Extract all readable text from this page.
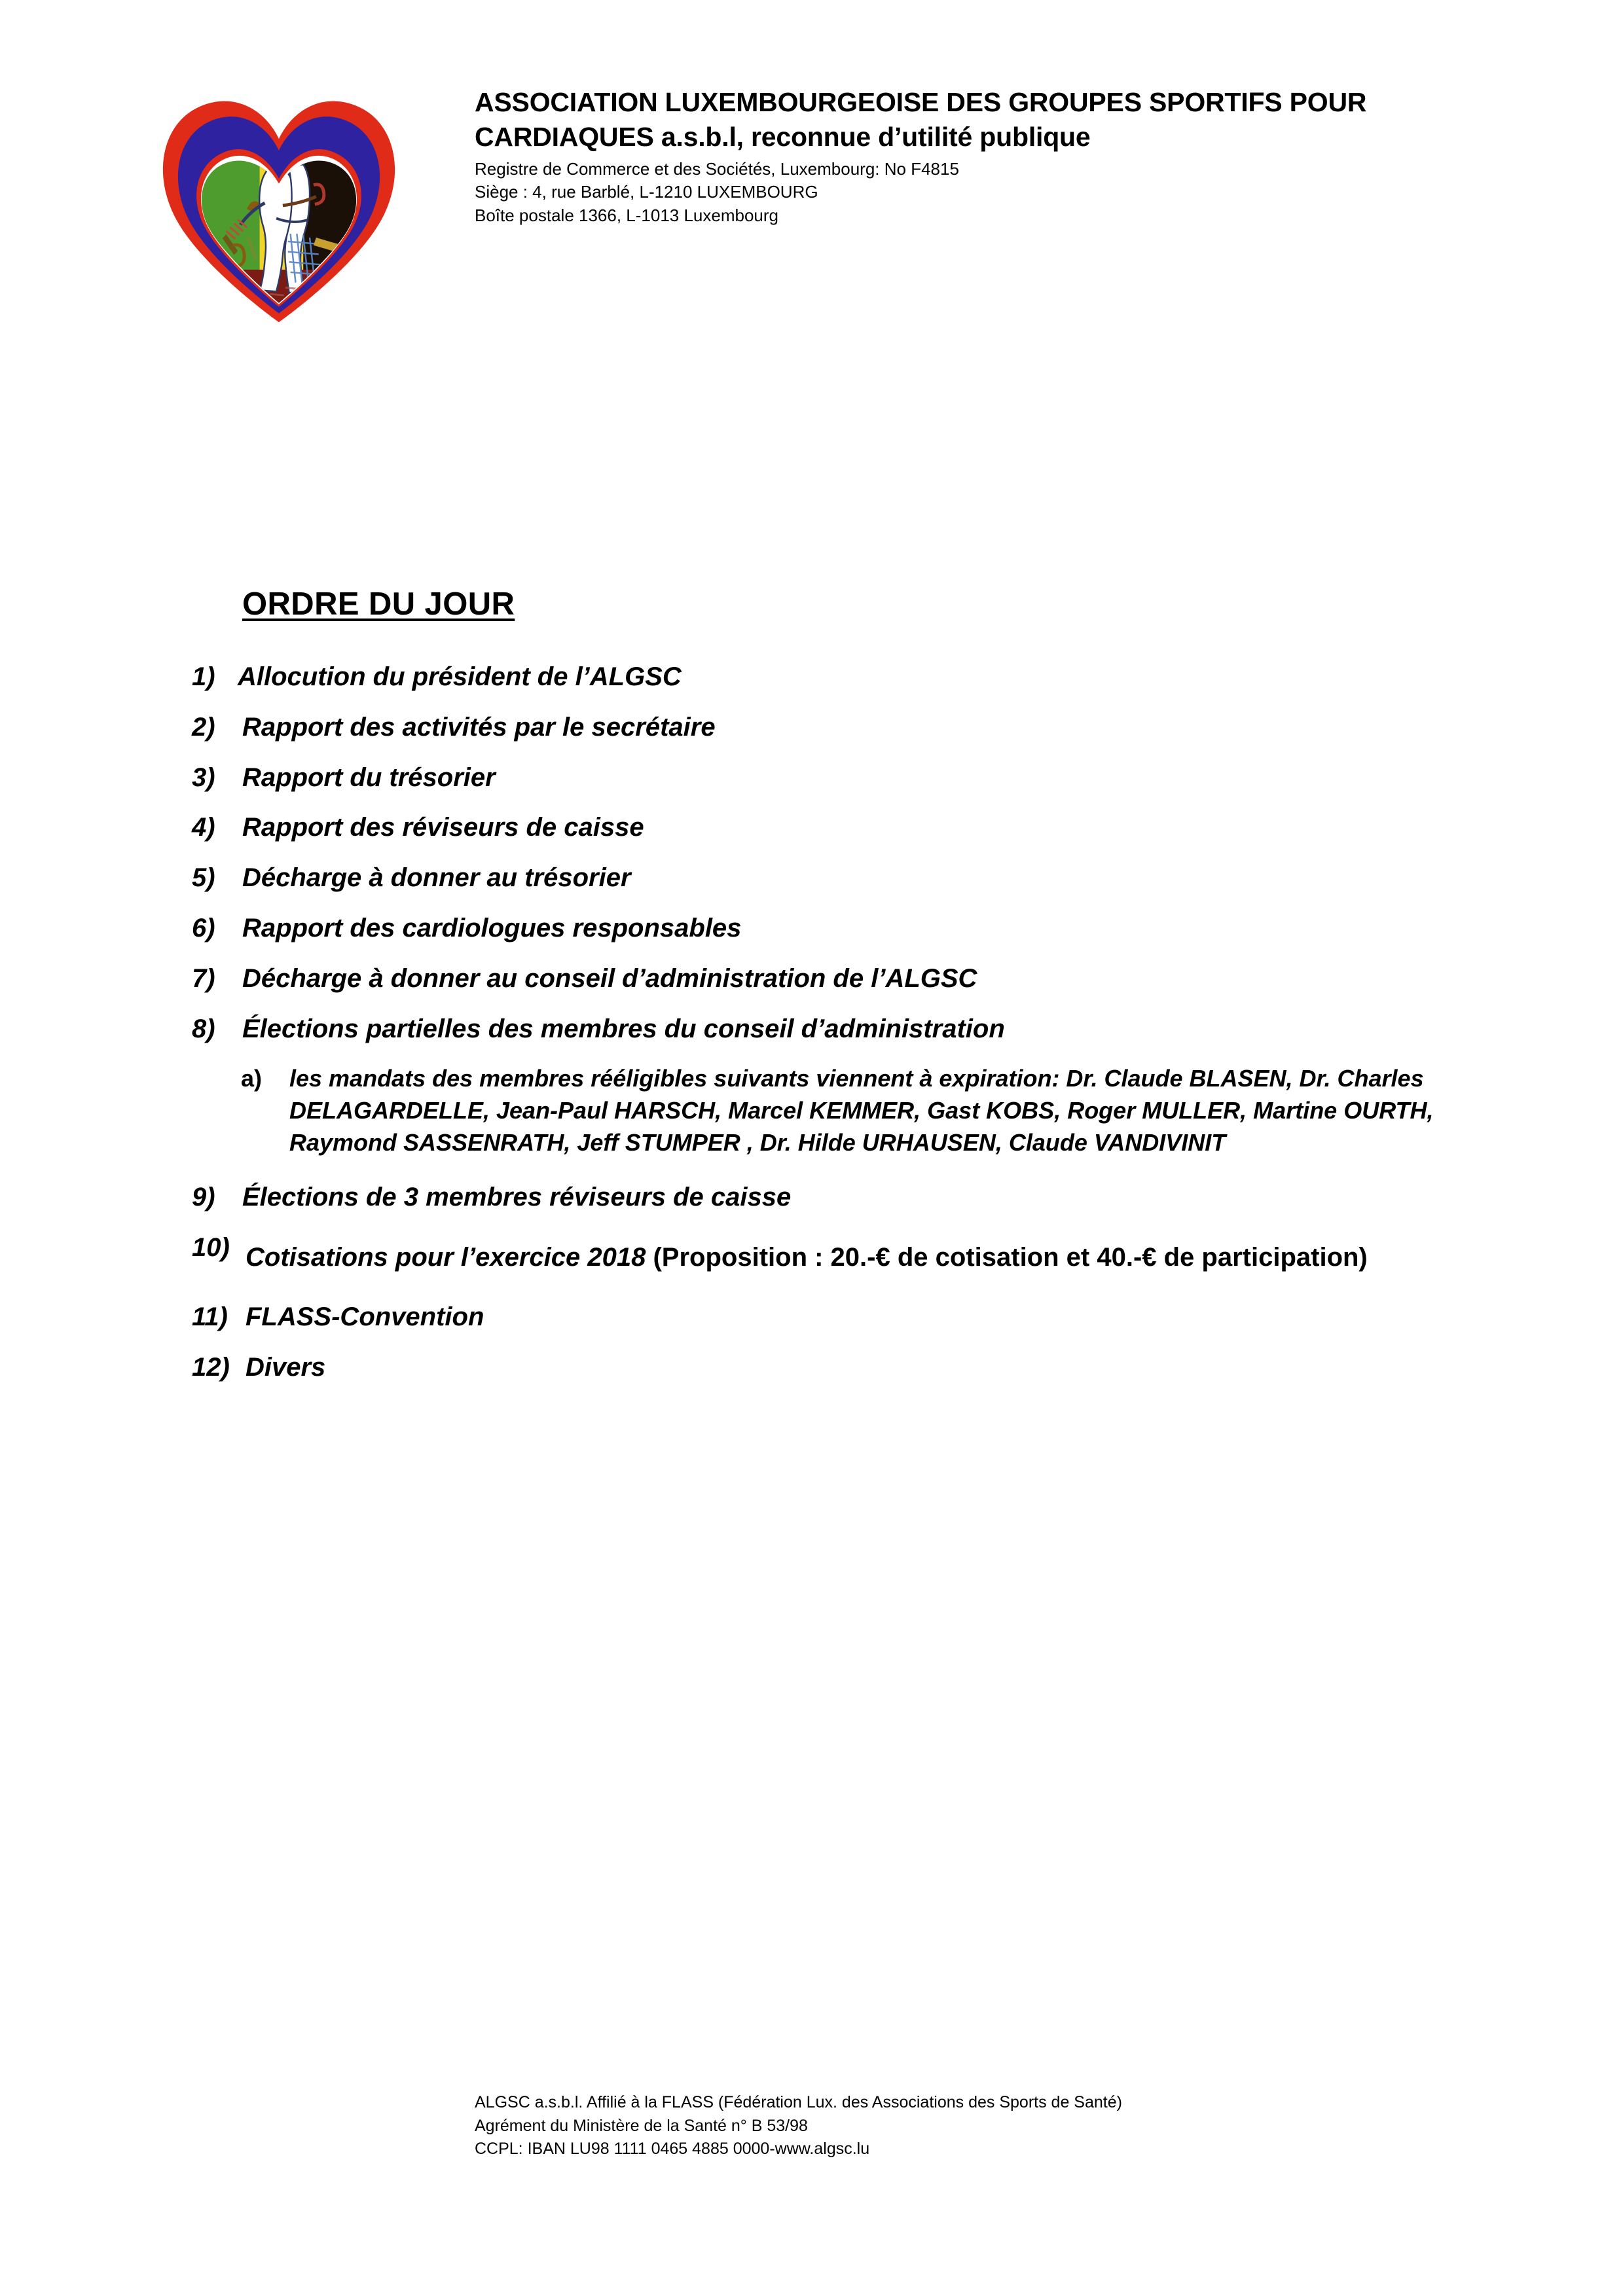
ASSOCIATION LUXEMBOURGEOISE DES GROUPES SPORTIFS POUR
CARDIAQUES a.s.b.l, reconnue d’utilité publique
Registre de Commerce et des Sociétés, Luxembourg: No F4815
Siège : 4, rue Barblé, L-1210 LUXEMBOURG
Boîte postale 1366, L-1013 Luxembourg
ORDRE DU JOUR
1) Allocution du président de l’ALGSC
2)	Rapport des activités par le secrétaire
3)	Rapport du trésorier
4)	Rapport des réviseurs de caisse
5)	Décharge à donner au trésorier
6)	Rapport des cardiologues responsables
7)	Décharge à donner au conseil d’administration de l’ALGSC
8)	Élections partielles des membres du conseil d’administration
a)	les mandats des membres rééligibles suivants viennent à expiration: Dr. Claude BLASEN, Dr. Charles DELAGARDELLE, Jean-Paul HARSCH, Marcel KEMMER, Gast KOBS, Roger MULLER, Martine OURTH, Raymond SASSENRATH, Jeff STUMPER , Dr. Hilde URHAUSEN, Claude VANDIVINIT
9)	Élections de 3 membres réviseurs de caisse
10) Cotisations pour l’exercice 2018 (Proposition : 20.-€ de cotisation et 40.-€ de participation)
11) FLASS-Convention
12) Divers
ALGSC a.s.b.l. Affilié à la FLASS (Fédération Lux. des Associations des Sports de Santé)
Agrément du Ministère de la Santé n° B 53/98
CCPL: IBAN LU98 1111 0465 4885 0000-www.algsc.lu
